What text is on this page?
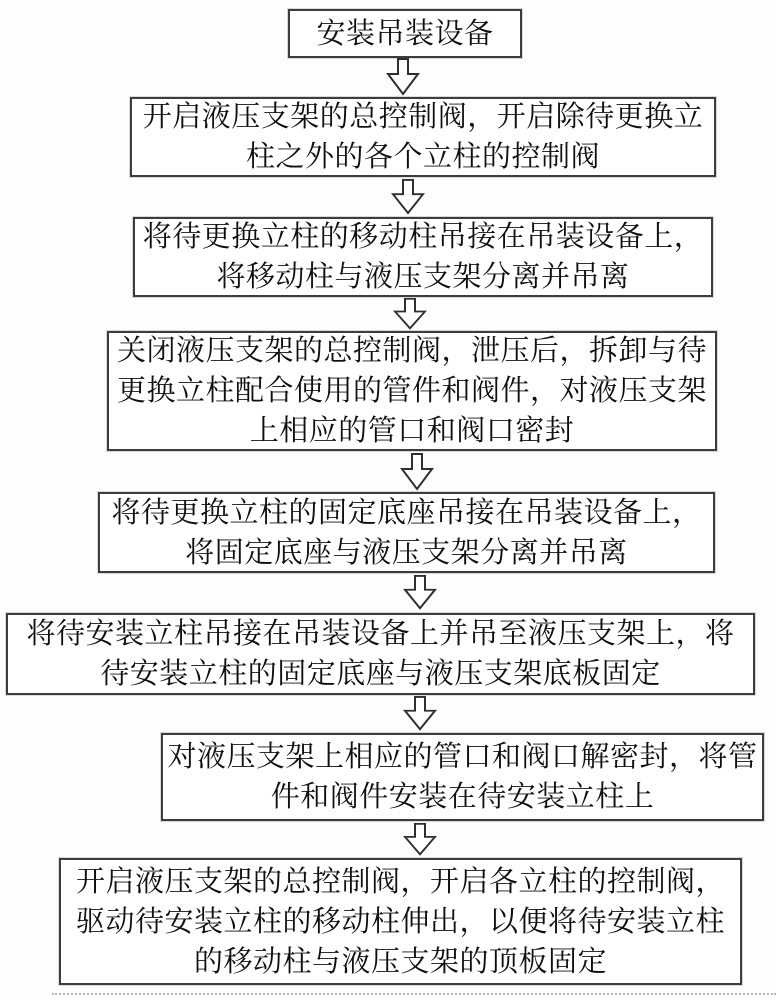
安装吊装设备
开启液压支架的总控制阀，开启除待更换立
柱之外的各个立柱的控制阀
将待更换立柱的移动柱吊接在吊装设备上，
将移动柱与液压支架分离并吊离
关闭液压支架的总控制阀，泄压后，拆卸与待
更换立柱配合使用的管件和阀件，对液压支架
上相应的管口和阀口密封
将待更换立柱的固定底座吊接在吊装设备上，
将固定底座与液压支架分离并吊离
将待安装立柱吊接在吊装设备上并吊至液压支架上，将
待安装立柱的固定底座与液压支架底板固定
对液压支架上相应的管口和阀口解密封，将管
件和阀件安装在待安装立柱上
开启液压支架的总控制阀，开启各立柱的控制阀，
驱动待安装立柱的移动柱伸出，以便将待安装立柱
的移动柱与液压支架的顶板固定
